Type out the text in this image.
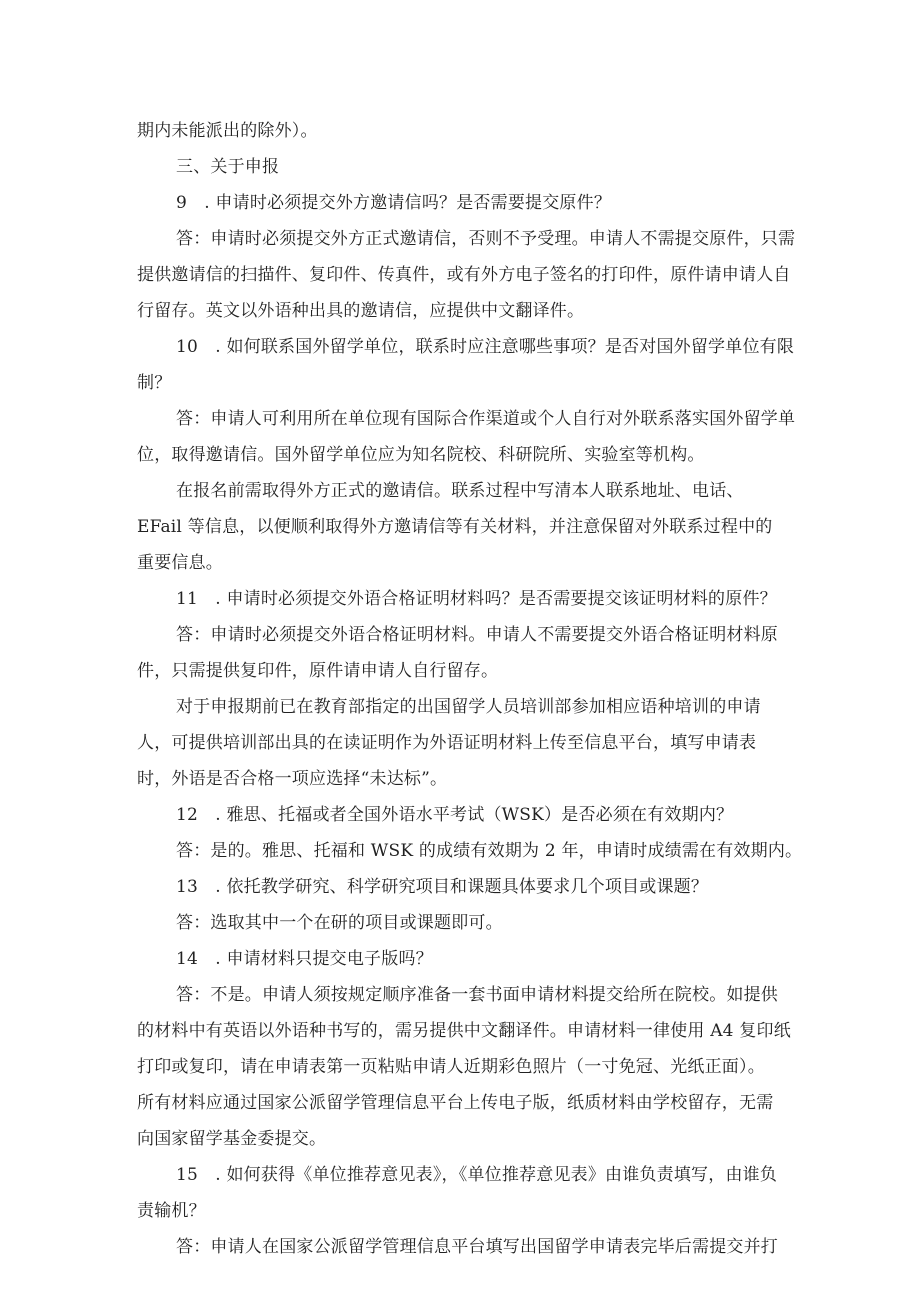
期内未能派出的除外）。
三、关于申报
9　. 申请时必须提交外方邀请信吗？是否需要提交原件？
答：申请时必须提交外方正式邀请信，否则不予受理。申请人不需提交原件，只需
提供邀请信的扫描件、复印件、传真件，或有外方电子签名的打印件，原件请申请人自
行留存。英文以外语种出具的邀请信，应提供中文翻译件。
10　. 如何联系国外留学单位，联系时应注意哪些事项？是否对国外留学单位有限
制？
答：申请人可利用所在单位现有国际合作渠道或个人自行对外联系落实国外留学单
位，取得邀请信。国外留学单位应为知名院校、科研院所、实验室等机构。
在报名前需取得外方正式的邀请信。联系过程中写清本人联系地址、电话、
EFail 等信息，以便顺利取得外方邀请信等有关材料，并注意保留对外联系过程中的
重要信息。
11　. 申请时必须提交外语合格证明材料吗？是否需要提交该证明材料的原件？
答：申请时必须提交外语合格证明材料。申请人不需要提交外语合格证明材料原
件，只需提供复印件，原件请申请人自行留存。
对于申报期前已在教育部指定的出国留学人员培训部参加相应语种培训的申请
人，可提供培训部出具的在读证明作为外语证明材料上传至信息平台，填写申请表
时，外语是否合格一项应选择“未达标”。
12　. 雅思、托福或者全国外语水平考试（WSK）是否必须在有效期内？
答：是的。雅思、托福和 WSK 的成绩有效期为 2 年，申请时成绩需在有效期内。
13　. 依托教学研究、科学研究项目和课题具体要求几个项目或课题？
答：选取其中一个在研的项目或课题即可。
14　. 申请材料只提交电子版吗？
答：不是。申请人须按规定顺序准备一套书面申请材料提交给所在院校。如提供
的材料中有英语以外语种书写的，需另提供中文翻译件。申请材料一律使用 A4 复印纸
打印或复印，请在申请表第一页粘贴申请人近期彩色照片（一寸免冠、光纸正面）。
所有材料应通过国家公派留学管理信息平台上传电子版，纸质材料由学校留存，无需
向国家留学基金委提交。
15　. 如何获得《单位推荐意见表》，《单位推荐意见表》由谁负责填写，由谁负
责输机？
答：申请人在国家公派留学管理信息平台填写出国留学申请表完毕后需提交并打
